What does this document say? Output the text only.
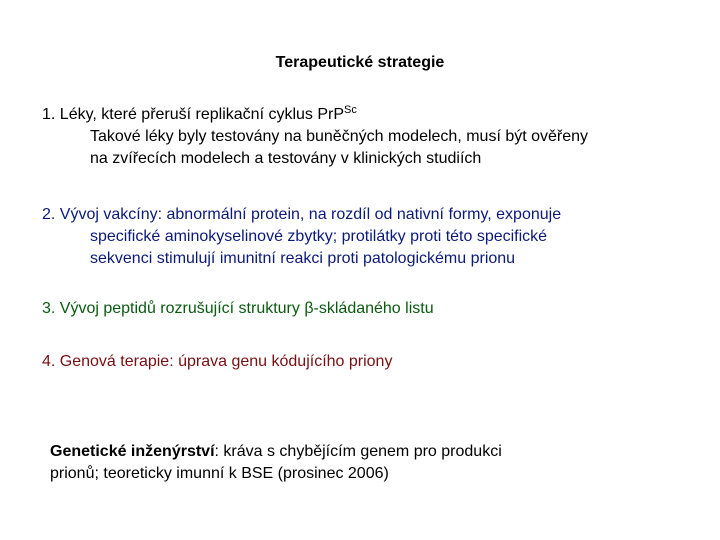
Terapeutické strategie
1. Léky, které přeruší replikační cyklus PrP$^{Sc}$
Takové léky byly testovány na buněčných modelech, musí být ověřeny
na zvířecích modelech a testovány v klinických studiích
2. Vývoj vakcíny: abnormální protein, na rozdíl od nativní formy, exponuje
specifické aminokyselinové zbytky; protilátky proti této specifické
sekvenci stimulují imunitní reakci proti patologickému prionu
3. Vývoj peptidů rozrušující struktury β-skládaného listu
4. Genová terapie: úprava genu kódujícího priony
Genetické inženýrství: kráva s chybějícím genem pro produkci
prionů; teoreticky imunní k BSE (prosinec 2006)
